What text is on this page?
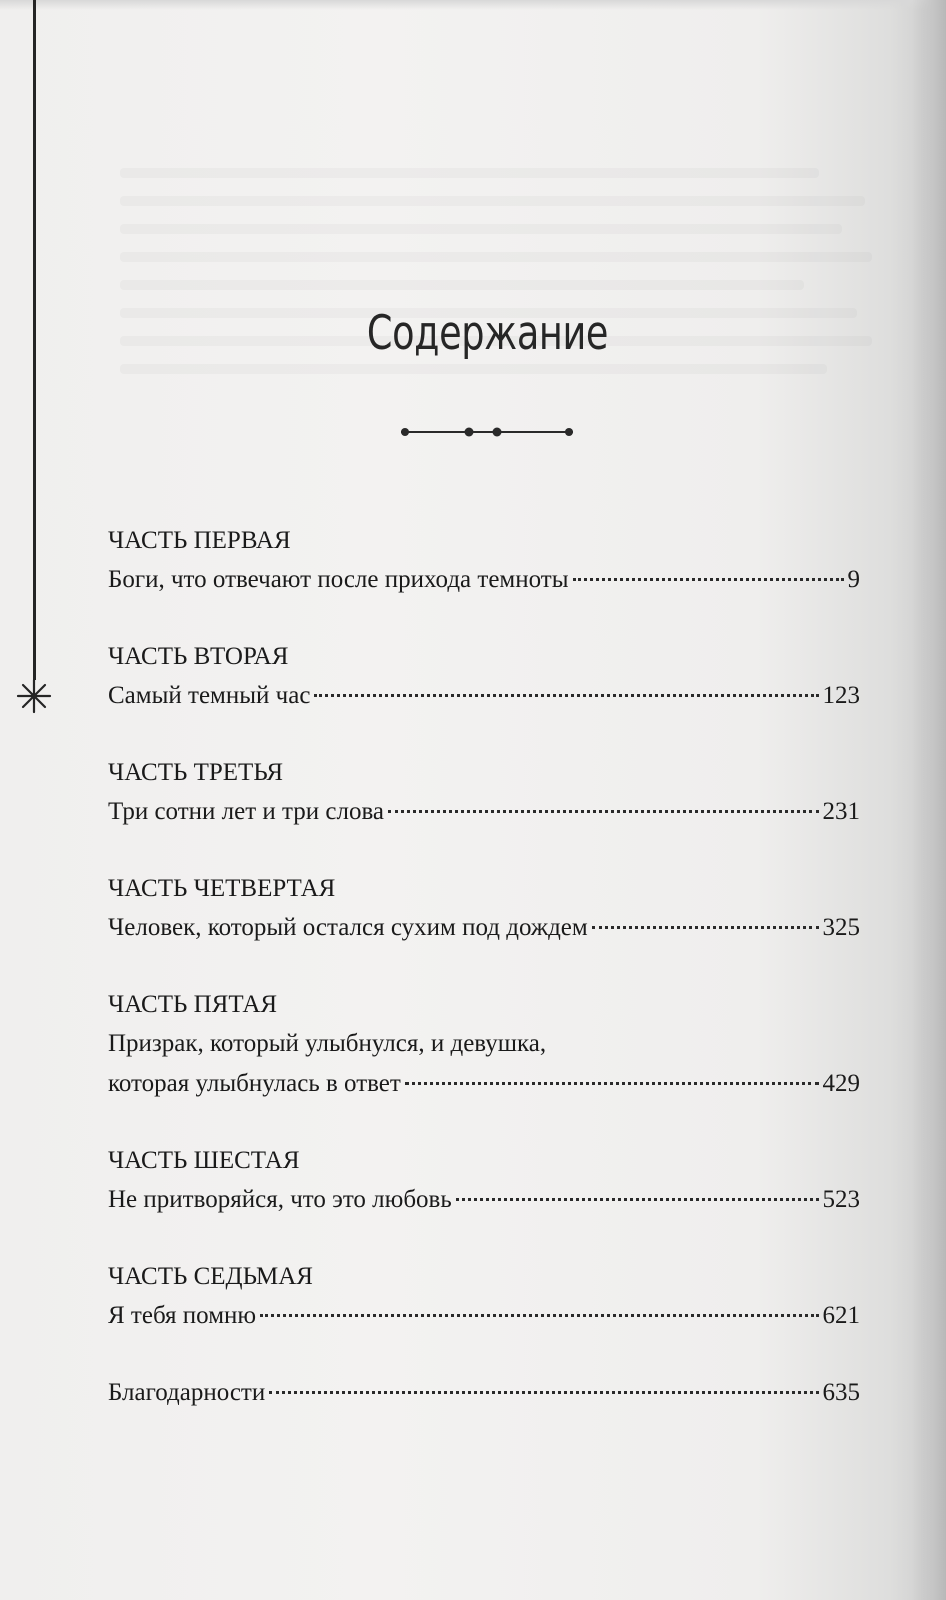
Содержание
ЧАСТЬ ПЕРВАЯ
Боги, что отвечают после прихода темноты	9
ЧАСТЬ ВТОРАЯ
Самый темный час	123
ЧАСТЬ ТРЕТЬЯ
Три сотни лет и три слова	231
ЧАСТЬ ЧЕТВЕРТАЯ
Человек, который остался сухим под дождем	325
ЧАСТЬ ПЯТАЯ
Призрак, который улыбнулся, и девушка,
которая улыбнулась в ответ	429
ЧАСТЬ ШЕСТАЯ
Не притворяйся, что это любовь	523
ЧАСТЬ СЕДЬМАЯ
Я тебя помню	621
Благодарности	635
